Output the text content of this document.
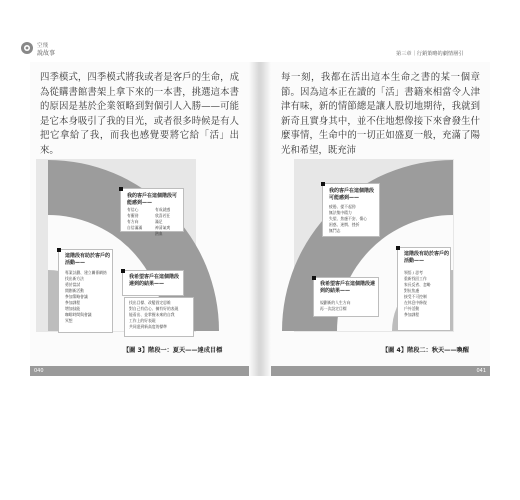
空飛
說故事	第三章｜行銷策略的劇情層引
四季模式，四季模式將我或者是客戶的生命，成為從購書館書架上拿下來的一本書，挑選這本書的原因是基於企業領略到對個引人入勝——可能是它本身吸引了我的目光，或者很多時候是有人把它拿給了我，而我也感覺要將它給「活」出來。
每一刻，我都在活出這本生命之書的某一個章節。因為這本正在讀的「活」書籍來相當令人津津有味，新的情節總是讓人股切地期待，我就到新奇且實身其中，並不住地想像接下來會發生什麼事情，生命中的一切正如盛夏一般，充滿了陽光和希望，既充沛
我的客戶在這個階段可能感到——
有信心
有衝勁
有方向
自信滿滿
有成就感
欣喜若狂
滿足
神清氣爽
熱血
這階段有助於客戶的活動——
專案計劃、建立關係網絡
找出新方法
勇於當試
開創新活動
參加策略會議
參加課程
增加技能
咖啡時間與會議
冥想
我希望客戶在這個階段達到的結果——
找出目標、改變固定思維
對自己有信心、擁有好的表現
能看出、並掌握未來的自我
工作上的好表現
共同達到新高度的標準
【圖 3】階段一：夏天——達成目標
我的客戶在這個階段可能感到——
疲倦、提不起勁
無法集中精力
失望、焦慮不安、傷心
困惑、迷惘、挫折
無鬥志
這階段有助於客戶的活動——
領悟 / 思考
重新找回工作
家長反省、忽略
對抗焦慮
接受不可控制
在休息中修復
戶外活動
參加課程
我希望客戶在這個階段達到的結果——
規劃新的人生方向
再一次設定目標
【圖 4】階段二：秋天——喚醒
040	041
